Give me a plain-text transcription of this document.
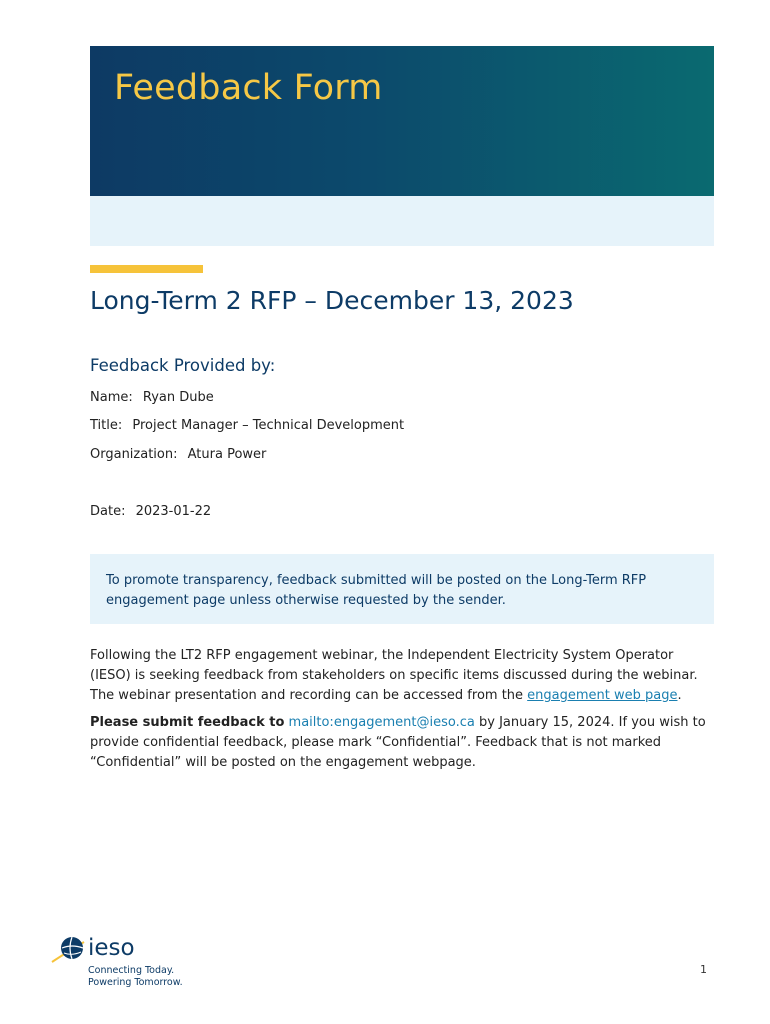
Feedback Form
Long-Term 2 RFP – December 13, 2023
Feedback Provided by:
Name: Ryan Dube
Title: Project Manager – Technical Development
Organization: Atura Power
Date: 2023-01-22
To promote transparency, feedback submitted will be posted on the Long-Term RFP engagement page unless otherwise requested by the sender.
Following the LT2 RFP engagement webinar, the Independent Electricity System Operator (IESO) is seeking feedback from stakeholders on specific items discussed during the webinar. The webinar presentation and recording can be accessed from the engagement web page.
Please submit feedback to mailto:engagement@ieso.ca by January 15, 2024. If you wish to provide confidential feedback, please mark “Confidential”. Feedback that is not marked “Confidential” will be posted on the engagement webpage.
ieso
Connecting Today.
Powering Tomorrow.
1
